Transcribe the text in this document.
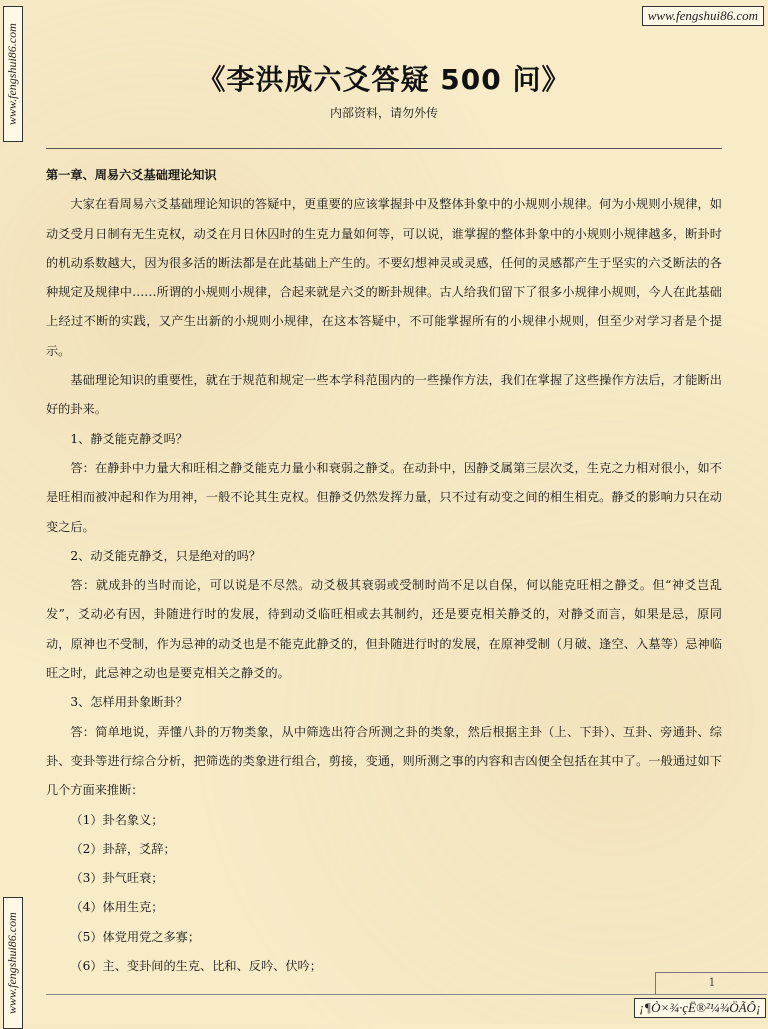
www.fengshui86.com
www.fengshui86.com
www.fengshui86.com
《李洪成六爻答疑 500 问》
内部资料，请勿外传

第一章、周易六爻基础理论知识

大家在看周易六爻基础理论知识的答疑中，更重要的应该掌握卦中及整体卦象中的小规则小规律。何为小规则小规律，如动爻受月日制有无生克权，动爻在月日休囚时的生克力量如何等，可以说，谁掌握的整体卦象中的小规则小规律越多，断卦时的机动系数越大，因为很多活的断法都是在此基础上产生的。不要幻想神灵或灵感，任何的灵感都产生于坚实的六爻断法的各种规定及规律中……所谓的小规则小规律，合起来就是六爻的断卦规律。古人给我们留下了很多小规律小规则，今人在此基础上经过不断的实践，又产生出新的小规则小规律，在这本答疑中，不可能掌握所有的小规律小规则，但至少对学习者是个提示。

基础理论知识的重要性，就在于规范和规定一些本学科范围内的一些操作方法，我们在掌握了这些操作方法后，才能断出好的卦来。

1、静爻能克静爻吗？

答：在静卦中力量大和旺相之静爻能克力量小和衰弱之静爻。在动卦中，因静爻属第三层次爻，生克之力相对很小，如不是旺相而被冲起和作为用神，一般不论其生克权。但静爻仍然发挥力量，只不过有动变之间的相生相克。静爻的影响力只在动变之后。

2、动爻能克静爻，只是绝对的吗？

答：就成卦的当时而论，可以说是不尽然。动爻极其衰弱或受制时尚不足以自保，何以能克旺相之静爻。但“神爻岂乱发”，爻动必有因，卦随进行时的发展，待到动爻临旺相或去其制约，还是要克相关静爻的，对静爻而言，如果是忌，原同动，原神也不受制，作为忌神的动爻也是不能克此静爻的，但卦随进行时的发展，在原神受制（月破、逢空、入墓等）忌神临旺之时，此忌神之动也是要克相关之静爻的。

3、怎样用卦象断卦？

答：简单地说，弄懂八卦的万物类象，从中筛选出符合所测之卦的类象，然后根据主卦（上、下卦）、互卦、旁通卦、综卦、变卦等进行综合分析，把筛选的类象进行组合，剪接，变通，则所测之事的内容和吉凶便全包括在其中了。一般通过如下几个方面来推断：

（1）卦名象义；

（2）卦辞，爻辞；

（3）卦气旺衰；

（4）体用生克；

（5）体党用党之多寡；

（6）主、变卦间的生克、比和、反吟、伏吟；

1
¡¶Ò×¾·çË®²¼¾ÖÃÔ¡
